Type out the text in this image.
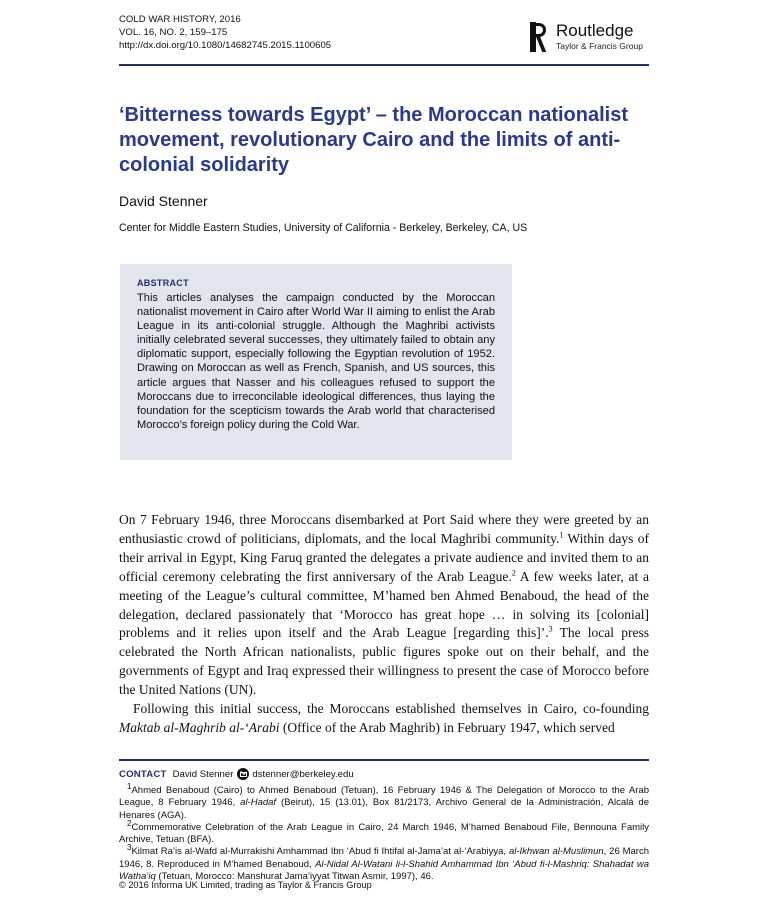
COLD WAR HISTORY, 2016
VOL. 16, NO. 2, 159–175
http://dx.doi.org/10.1080/14682745.2015.1100605
Routledge
Taylor & Francis Group
‘Bitterness towards Egypt’ – the Moroccan nationalist movement, revolutionary Cairo and the limits of anti-colonial solidarity
David Stenner
Center for Middle Eastern Studies, University of California - Berkeley, Berkeley, CA, US
ABSTRACT
This articles analyses the campaign conducted by the Moroccan nationalist movement in Cairo after World War II aiming to enlist the Arab League in its anti-colonial struggle. Although the Maghribi activists initially celebrated several successes, they ultimately failed to obtain any diplomatic support, especially following the Egyptian revolution of 1952. Drawing on Moroccan as well as French, Spanish, and US sources, this article argues that Nasser and his colleagues refused to support the Moroccans due to irreconcilable ideological differences, thus laying the foundation for the scepticism towards the Arab world that characterised Morocco’s foreign policy during the Cold War.

On 7 February 1946, three Moroccans disembarked at Port Said where they were greeted by an enthusiastic crowd of politicians, diplomats, and the local Maghribi community.$^1$ Within days of their arrival in Egypt, King Faruq granted the delegates a private audience and invited them to an official ceremony celebrating the first anniversary of the Arab League.$^2$ A few weeks later, at a meeting of the League’s cultural committee, M’hamed ben Ahmed Benaboud, the head of the delegation, declared passionately that ‘Morocco has great hope … in solving its [colonial] problems and it relies upon itself and the Arab League [regarding this]’.$^3$ The local press celebrated the North African nationalists, public figures spoke out on their behalf, and the governments of Egypt and Iraq expressed their willingness to present the case of Morocco before the United Nations (UN).

Following this initial success, the Moroccans established themselves in Cairo, co-founding Maktab al-Maghrib al-‘Arabi (Office of the Arab Maghrib) in February 1947, which served

CONTACT David Stenner dstenner@berkeley.edu

$^1$Ahmed Benaboud (Cairo) to Ahmed Benaboud (Tetuan), 16 February 1946 & The Delegation of Morocco to the Arab League, 8 February 1946, al-Hadaf (Beirut), 15 (13.01), Box 81/2173, Archivo General de la Administración, Alcalá de Henares (AGA).

$^2$Commemorative Celebration of the Arab League in Cairo, 24 March 1946, M’hamed Benaboud File, Bennouna Family Archive, Tetuan (BFA).

$^3$Kilmat Ra’is al-Wafd al-Murrakishi Amhammad Ibn ‘Abud fi Ihtifal al-Jama’at al-‘Arabiyya, al-Ikhwan al-Muslimun, 26 March 1946, 8. Reproduced in M’hamed Benaboud, Al-Nidal Al-Watani li-l-Shahid Amhammad Ibn ‘Abud fi-l-Mashriq: Shahadat wa Watha’iq (Tetuan, Morocco: Manshurat Jama’iyyat Titwan Asmir, 1997), 46.

© 2016 Informa UK Limited, trading as Taylor & Francis Group
